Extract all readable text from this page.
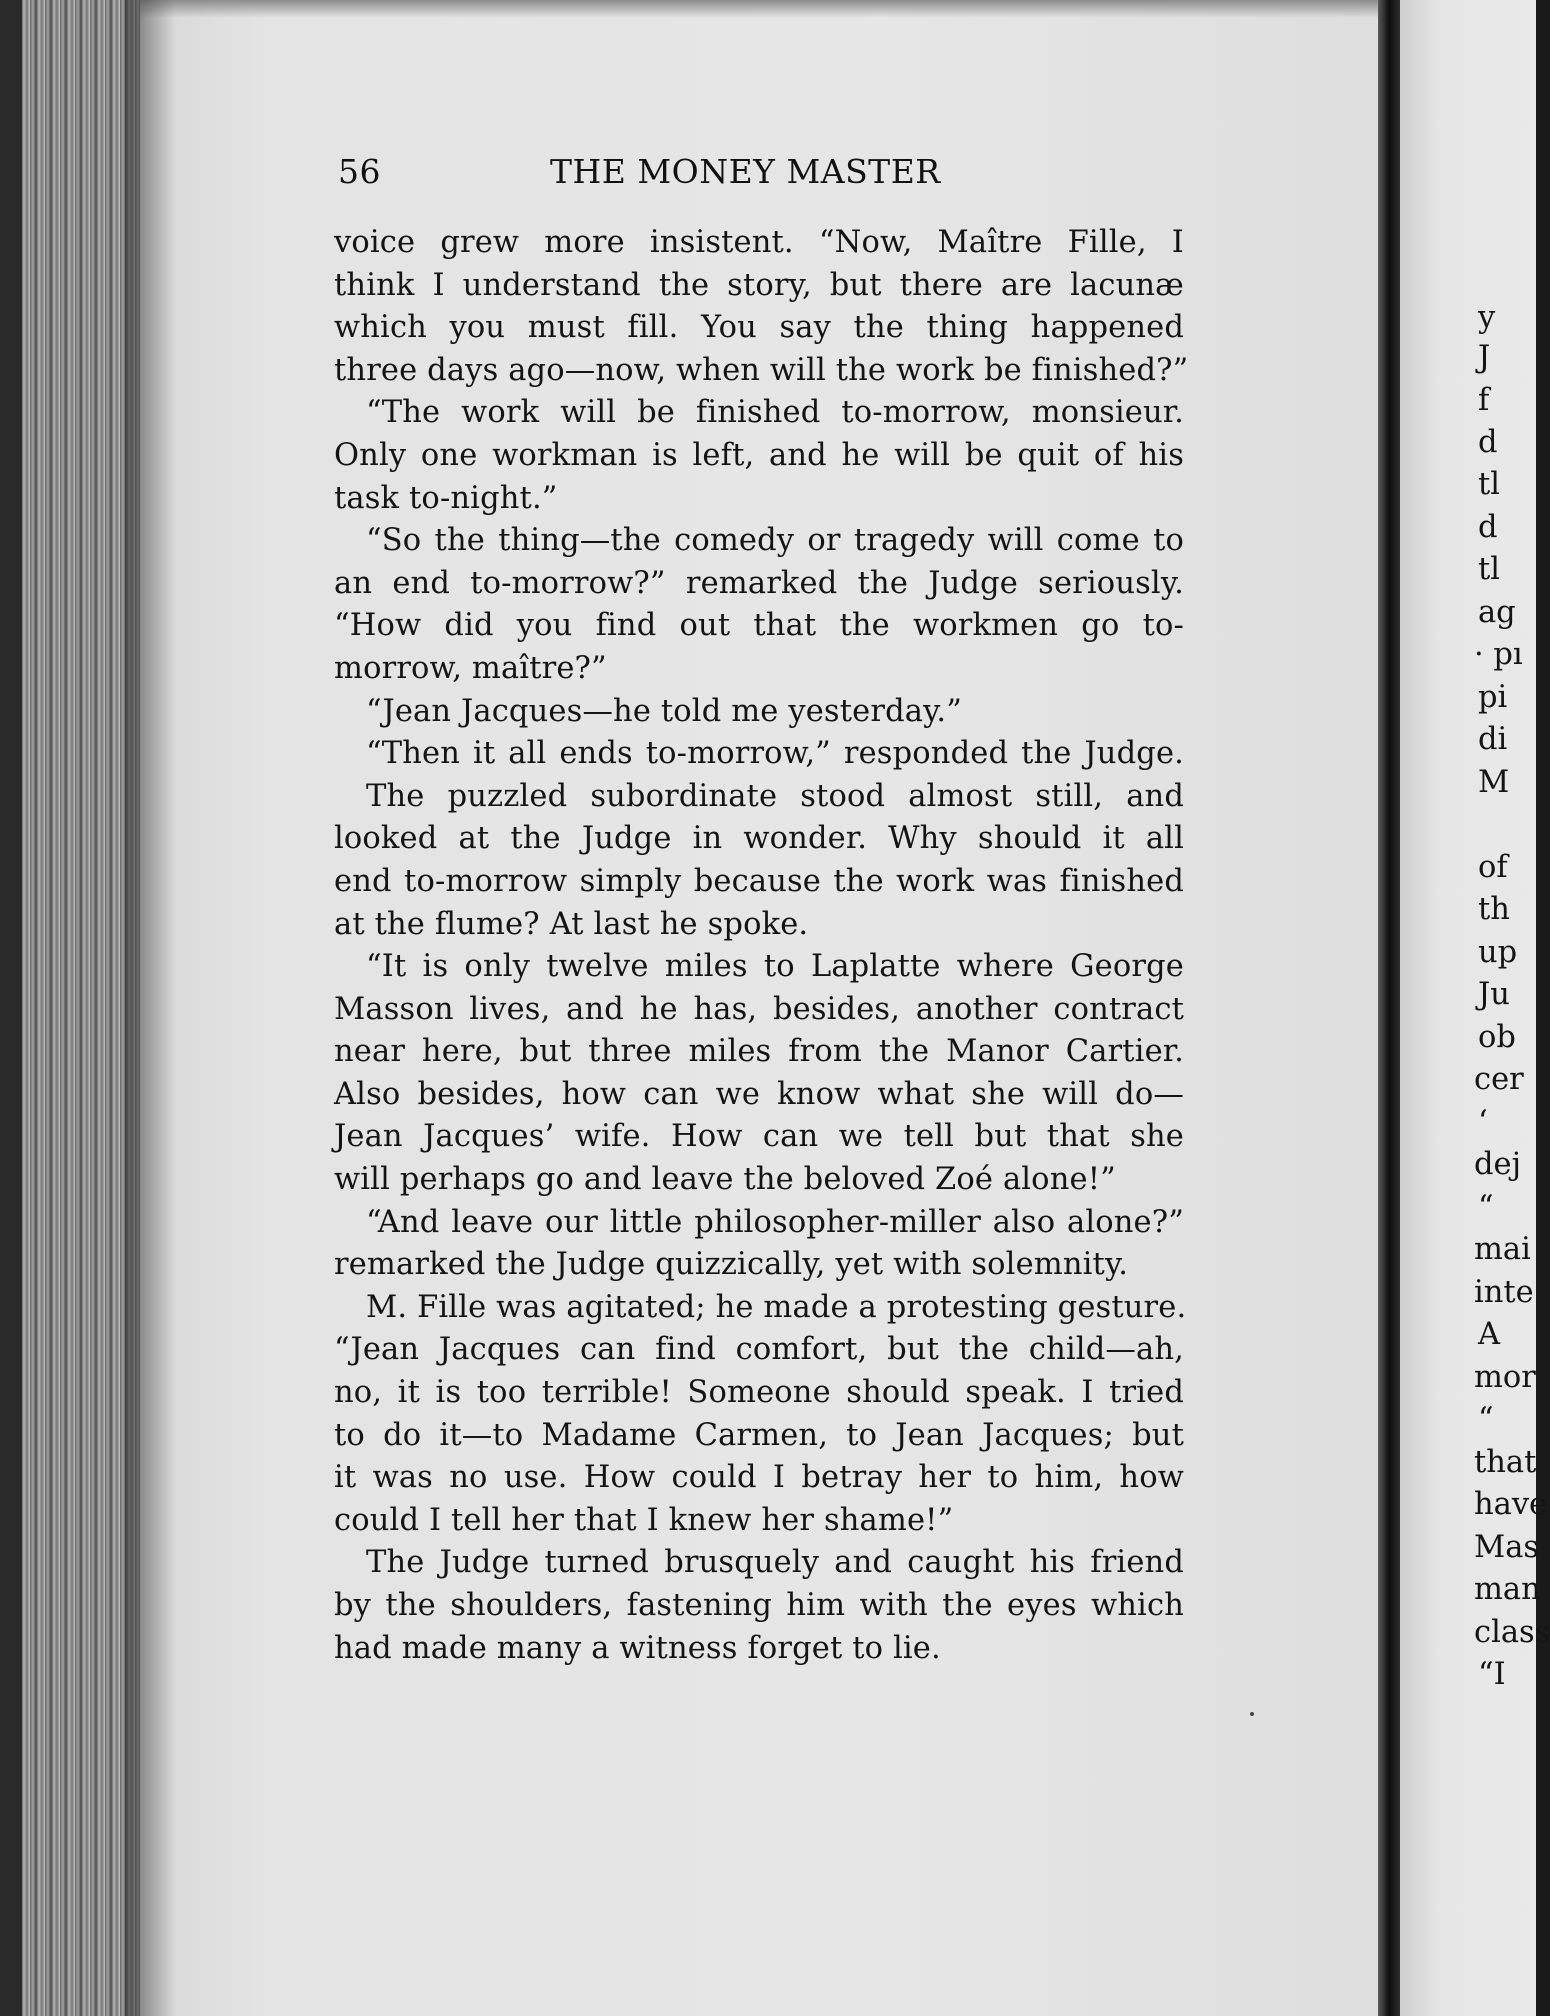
56	THE MONEY MASTER
voice grew more insistent. “Now, Maître Fille, I
think I understand the story, but there are lacunæ
which you must fill. You say the thing happened
three days ago—now, when will the work be finished?”
“The work will be finished to-morrow, monsieur.
Only one workman is left, and he will be quit of his
task to-night.”
“So the thing—the comedy or tragedy will come to
an end to-morrow?” remarked the Judge seriously.
“How did you find out that the workmen go to-
morrow, maître?”
“Jean Jacques—he told me yesterday.”
“Then it all ends to-morrow,” responded the Judge.
The puzzled subordinate stood almost still, and
looked at the Judge in wonder. Why should it all
end to-morrow simply because the work was finished
at the flume? At last he spoke.
“It is only twelve miles to Laplatte where George
Masson lives, and he has, besides, another contract
near here, but three miles from the Manor Cartier.
Also besides, how can we know what she will do—
Jean Jacques’ wife. How can we tell but that she
will perhaps go and leave the beloved Zoé alone!”
“And leave our little philosopher-miller also alone?”
remarked the Judge quizzically, yet with solemnity.
M. Fille was agitated; he made a protesting gesture.
“Jean Jacques can find comfort, but the child—ah,
no, it is too terrible! Someone should speak. I tried
to do it—to Madame Carmen, to Jean Jacques; but
it was no use. How could I betray her to him, how
could I tell her that I knew her shame!”
The Judge turned brusquely and caught his friend
by the shoulders, fastening him with the eyes which
had made many a witness forget to lie.
y
J
f
d
tl
d
tl
ag
· pı
pi
di
M
of
th
up
Ju
ob
cer
‘
dej
“
mai
inte
A
mor
“
that
have
Mas
man
class
“I
